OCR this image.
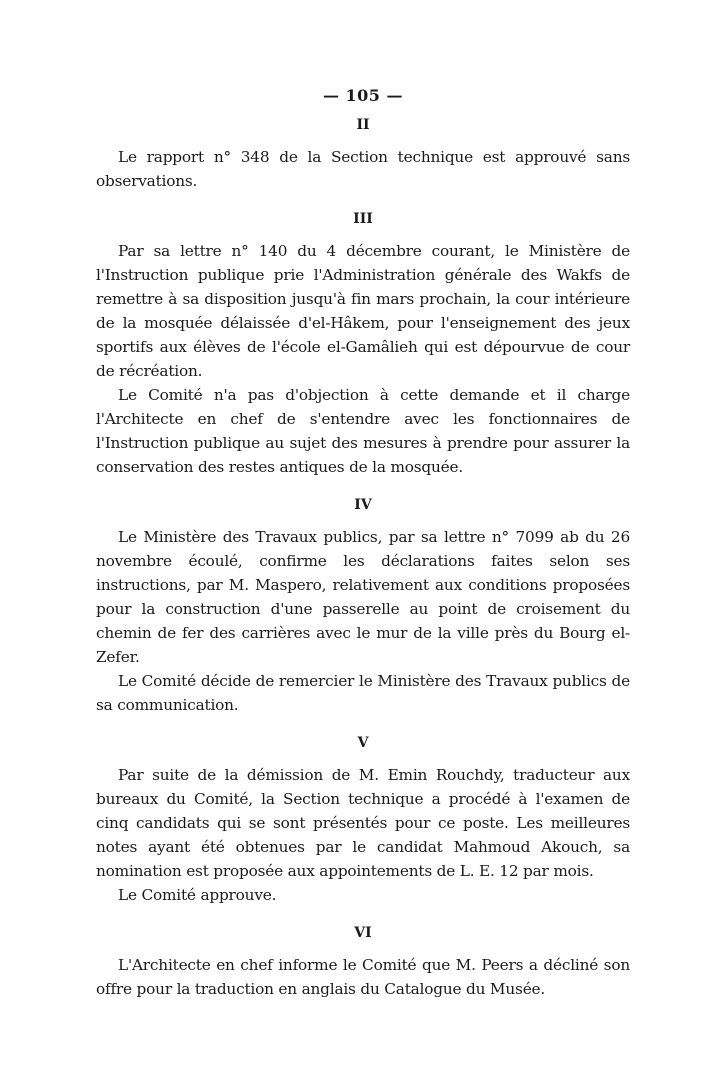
— 105 —
II

Le rapport n° 348 de la Section technique est approuvé sans observations.

III

Par sa lettre n° 140 du 4 décembre courant, le Ministère de l'Instruction publique prie l'Administration générale des Wakfs de remettre à sa disposition jusqu'à fin mars prochain, la cour intérieure de la mosquée délaissée d'el-Hâkem, pour l'enseignement des jeux sportifs aux élèves de l'école el-Gamâlieh qui est dépourvue de cour de récréation.

Le Comité n'a pas d'objection à cette demande et il charge l'Architecte en chef de s'entendre avec les fonctionnaires de l'Instruction publique au sujet des mesures à prendre pour assurer la conservation des restes antiques de la mosquée.

IV

Le Ministère des Travaux publics, par sa lettre n° 7099 ab du 26 novembre écoulé, confirme les déclarations faites selon ses instructions, par M. Maspero, relativement aux conditions proposées pour la construction d'une passerelle au point de croisement du chemin de fer des carrières avec le mur de la ville près du Bourg el-Zefer.

Le Comité décide de remercier le Ministère des Travaux publics de sa communication.

V

Par suite de la démission de M. Emin Rouchdy, traducteur aux bureaux du Comité, la Section technique a procédé à l'examen de cinq candidats qui se sont présentés pour ce poste. Les meilleures notes ayant été obtenues par le candidat Mahmoud Akouch, sa nomination est proposée aux appointements de L. E. 12 par mois.

Le Comité approuve.

VI

L'Architecte en chef informe le Comité que M. Peers a décliné son offre pour la traduction en anglais du Catalogue du Musée.
